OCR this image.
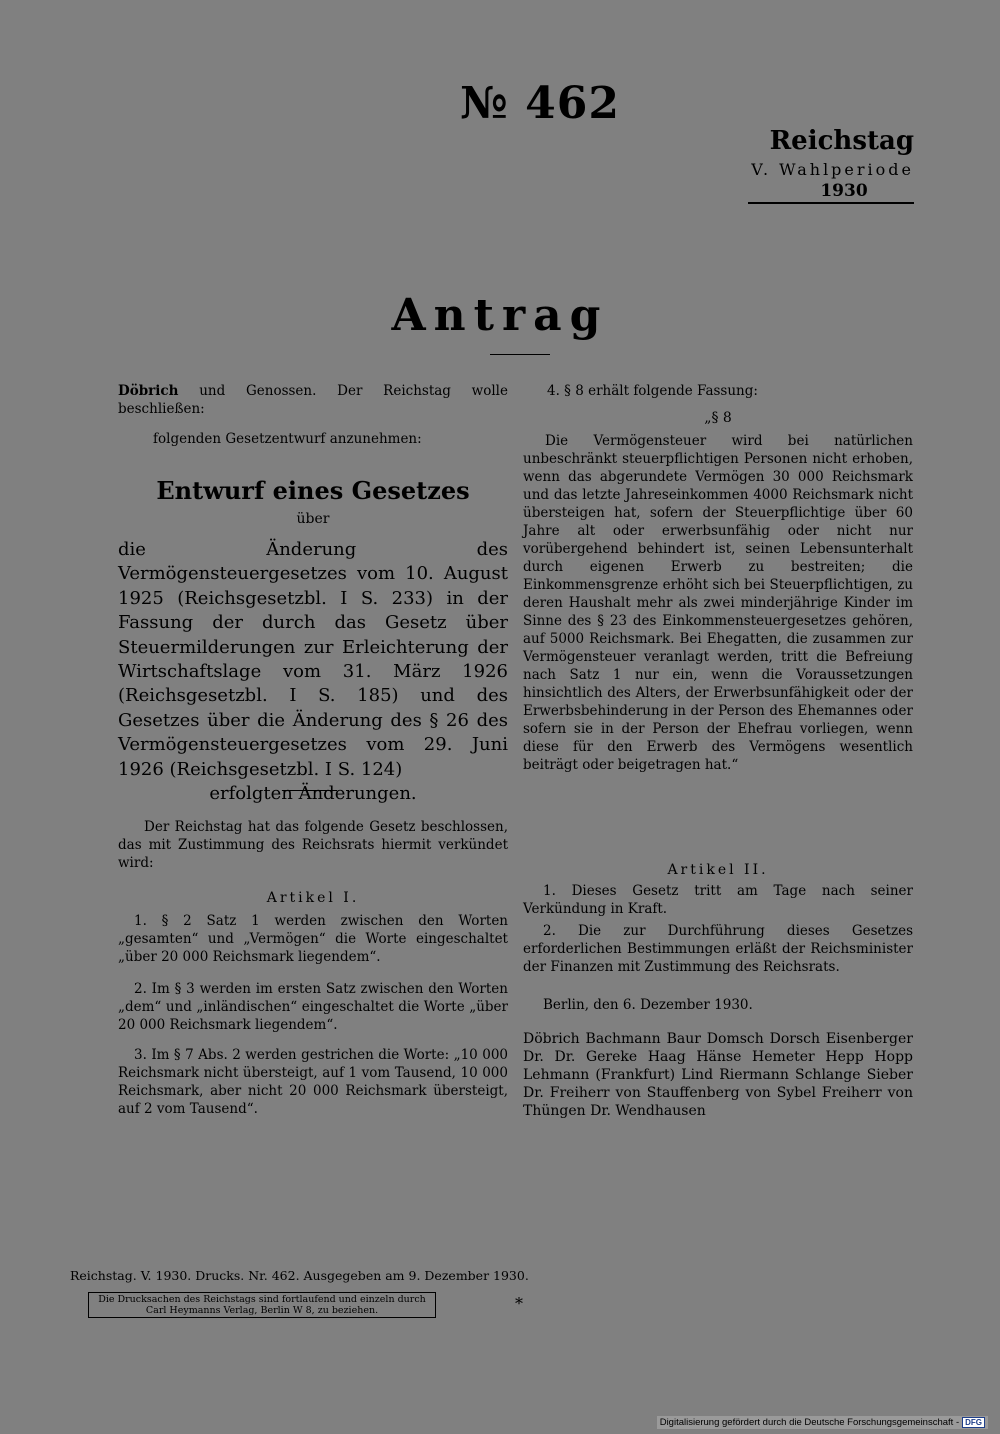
№ 462
Reichstag
V. Wahlperiode
1930
Antrag
Döbrich und Genossen. Der Reichstag wolle beschließen:
folgenden Gesetzentwurf anzunehmen:
Entwurf eines Gesetzes
über
die Änderung des Vermögensteuergesetzes vom 10. August 1925 (Reichsgesetzbl. I S. 233) in der Fassung der durch das Gesetz über Steuermilderungen zur Erleichterung der Wirtschaftslage vom 31. März 1926 (Reichsgesetzbl. I S. 185) und des Gesetzes über die Änderung des § 26 des Vermögensteuergesetzes vom 29. Juni 1926 (Reichsgesetzbl. I S. 124)
erfolgten Änderungen.
Der Reichstag hat das folgende Gesetz beschlossen, das mit Zustimmung des Reichsrats hiermit verkündet wird:
Artikel I.
1. § 2 Satz 1 werden zwischen den Worten „gesamten“ und „Vermögen“ die Worte eingeschaltet „über 20 000 Reichsmark liegendem“.
2. Im § 3 werden im ersten Satz zwischen den Worten „dem“ und „inländischen“ eingeschaltet die Worte „über 20 000 Reichsmark liegendem“.
3. Im § 7 Abs. 2 werden gestrichen die Worte: „10 000 Reichsmark nicht übersteigt, auf 1 vom Tausend, 10 000 Reichsmark, aber nicht 20 000 Reichsmark übersteigt, auf 2 vom Tausend“.
4. § 8 erhält folgende Fassung:
„§ 8
Die Vermögensteuer wird bei natürlichen unbeschränkt steuerpflichtigen Personen nicht erhoben, wenn das abgerundete Vermögen 30 000 Reichsmark und das letzte Jahreseinkommen 4000 Reichsmark nicht übersteigen hat, sofern der Steuerpflichtige über 60 Jahre alt oder erwerbsunfähig oder nicht nur vorübergehend behindert ist, seinen Lebensunterhalt durch eigenen Erwerb zu bestreiten; die Einkommensgrenze erhöht sich bei Steuerpflichtigen, zu deren Haushalt mehr als zwei minderjährige Kinder im Sinne des § 23 des Einkommensteuergesetzes gehören, auf 5000 Reichsmark. Bei Ehegatten, die zusammen zur Vermögensteuer veranlagt werden, tritt die Befreiung nach Satz 1 nur ein, wenn die Voraussetzungen hinsichtlich des Alters, der Erwerbsunfähigkeit oder der Erwerbsbehinderung in der Person des Ehemannes oder sofern sie in der Person der Ehefrau vorliegen, wenn diese für den Erwerb des Vermögens wesentlich beiträgt oder beigetragen hat.“
Artikel II.
1. Dieses Gesetz tritt am Tage nach seiner Verkündung in Kraft.
2. Die zur Durchführung dieses Gesetzes erforderlichen Bestimmungen erläßt der Reichsminister der Finanzen mit Zustimmung des Reichsrats.
Berlin, den 6. Dezember 1930.
Döbrich Bachmann Baur Domsch Dorsch Eisenberger Dr. Dr. Gereke Haag Hänse Hemeter Hepp Hopp Lehmann (Frankfurt) Lind Riermann Schlange Sieber Dr. Freiherr von Stauffenberg von Sybel Freiherr von Thüngen Dr. Wendhausen
Reichstag. V. 1930. Drucks. Nr. 462. Ausgegeben am 9. Dezember 1930.
Die Drucksachen des Reichstags sind fortlaufend und einzeln durch Carl Heymanns Verlag, Berlin W 8, zu beziehen.	*
Digitalisierung gefördert durch die Deutsche Forschungsgemeinschaft - DFG
